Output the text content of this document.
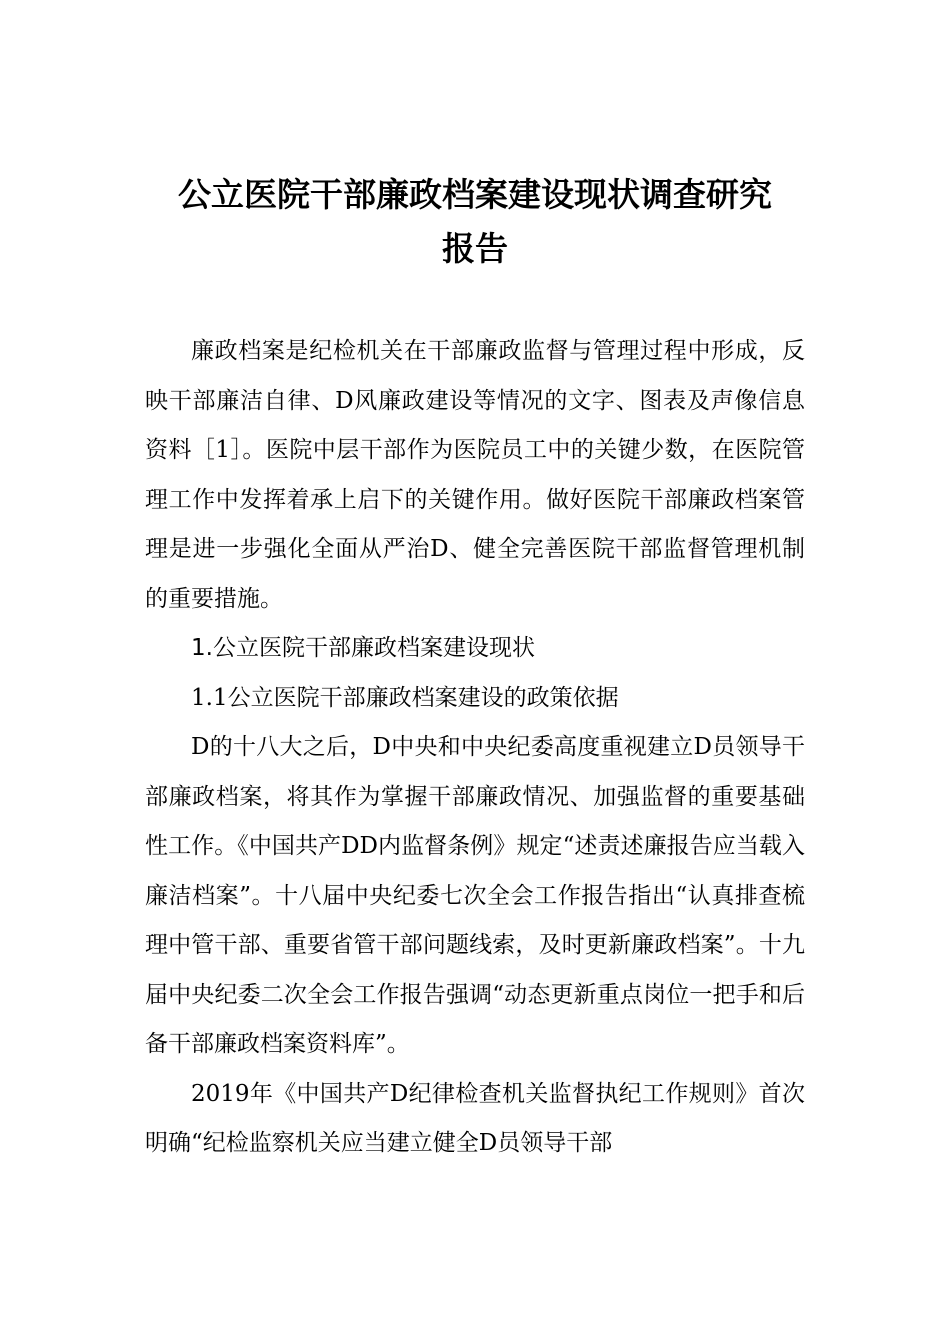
公立医院干部廉政档案建设现状调查研究
报告

廉政档案是纪检机关在干部廉政监督与管理过程中形成，反映干部廉洁自律、D风廉政建设等情况的文字、图表及声像信息资料［1］。医院中层干部作为医院员工中的关键少数，在医院管理工作中发挥着承上启下的关键作用。做好医院干部廉政档案管理是进一步强化全面从严治D、健全完善医院干部监督管理机制的重要措施。

1.公立医院干部廉政档案建设现状

1.1公立医院干部廉政档案建设的政策依据

D的十八大之后，D中央和中央纪委高度重视建立D员领导干部廉政档案，将其作为掌握干部廉政情况、加强监督的重要基础性工作。《中国共产DD内监督条例》规定“述责述廉报告应当载入廉洁档案”。十八届中央纪委七次全会工作报告指出“认真排查梳理中管干部、重要省管干部问题线索，及时更新廉政档案”。十九届中央纪委二次全会工作报告强调“动态更新重点岗位一把手和后备干部廉政档案资料库”。

2019年《中国共产D纪律检查机关监督执纪工作规则》首次明确“纪检监察机关应当建立健全D员领导干部
